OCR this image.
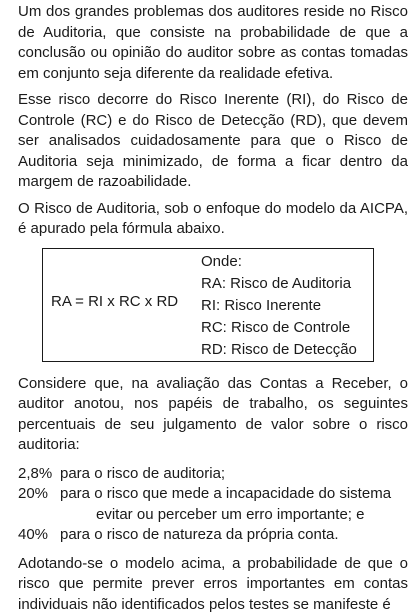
Um dos grandes problemas dos auditores reside no Risco de Auditoria, que consiste na probabilidade de que a conclusão ou opinião do auditor sobre as contas tomadas em conjunto seja diferente da realidade efetiva.

Esse risco decorre do Risco Inerente (RI), do Risco de Controle (RC) e do Risco de Detecção (RD), que devem ser analisados cuidadosamente para que o Risco de Auditoria seja minimizado, de forma a ficar dentro da margem de razoabilidade.

O Risco de Auditoria, sob o enfoque do modelo da AICPA, é apurado pela fórmula abaixo.

RA = RI x RC x RD
Onde:
RA: Risco de Auditoria
RI: Risco Inerente
RC: Risco de Controle
RD: Risco de Detecção

Considere que, na avaliação das Contas a Receber, o auditor anotou, nos papéis de trabalho, os seguintes percentuais de seu julgamento de valor sobre o risco auditoria:

2,8% para o risco de auditoria;
20% para o risco que mede a incapacidade do sistema
evitar ou perceber um erro importante; e
40% para o risco de natureza da própria conta.

Adotando-se o modelo acima, a probabilidade de que o risco que permite prever erros importantes em contas individuais não identificados pelos testes se manifeste é
